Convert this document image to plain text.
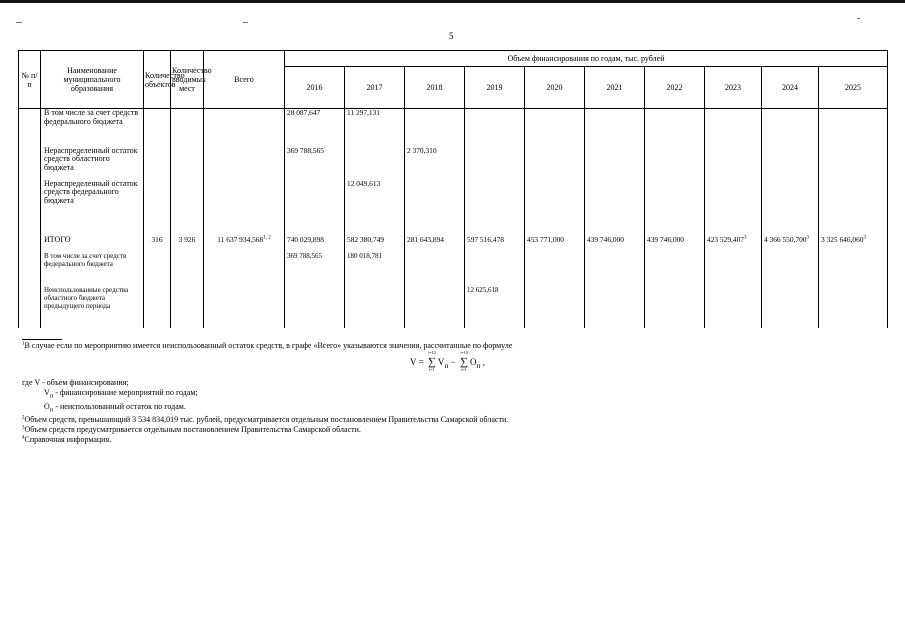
5
№ п/п	Наименование муниципального образования	Количество объектов	Количество вводимых мест	Всего	Объем финансирования по годам, тыс. рублей									
					2016	2017	2018	2019	2020	2021	2022	2023	2024	2025
	В том числе за счет средств федерального бюджета				28 087,647	11 297,131								
	Нераспределенный остаток средств областного бюджета				369 788,565		2 370,310							
	Нераспределенный остаток средств федерального бюджета					12 049,613								
	ИТОГО	316	3 926	11 637 934,568$^{1, 2}$	740 029,898	582 380,749	281 643,894	597 516,478	453 771,000	439 746,000	439 746,000	423 529,407$^3$	4 366 550,700$^3$	3 325 646,060$^3$
	В том числе за счет средств федерального бюджета				369 788,565	180 018,781								
	Неиспользованные средства областного бюджета предыдущего периода							12 625,618						

$^1$В случае если по мероприятию имеется неиспользованный остаток средств, в графе «Всего» указываются значения, рассчитанные по формуле

где V - объем финансирования;

$V_п$ - финансирование мероприятий по годам;

$O_п$ - неиспользованный остаток по годам.

$^2$Объем средств, превышающий 3 534 834,019 тыс. рублей, предусматривается отдельным постановлением Правительства Самарской области.

$^3$Объем средств предусматривается отдельным постановлением Правительства Самарской области.

$^4$Справочная информация.

V = ∑
i=10
i=1
$V_п$ − ∑
i=10
i=1
$O_п$ ,
